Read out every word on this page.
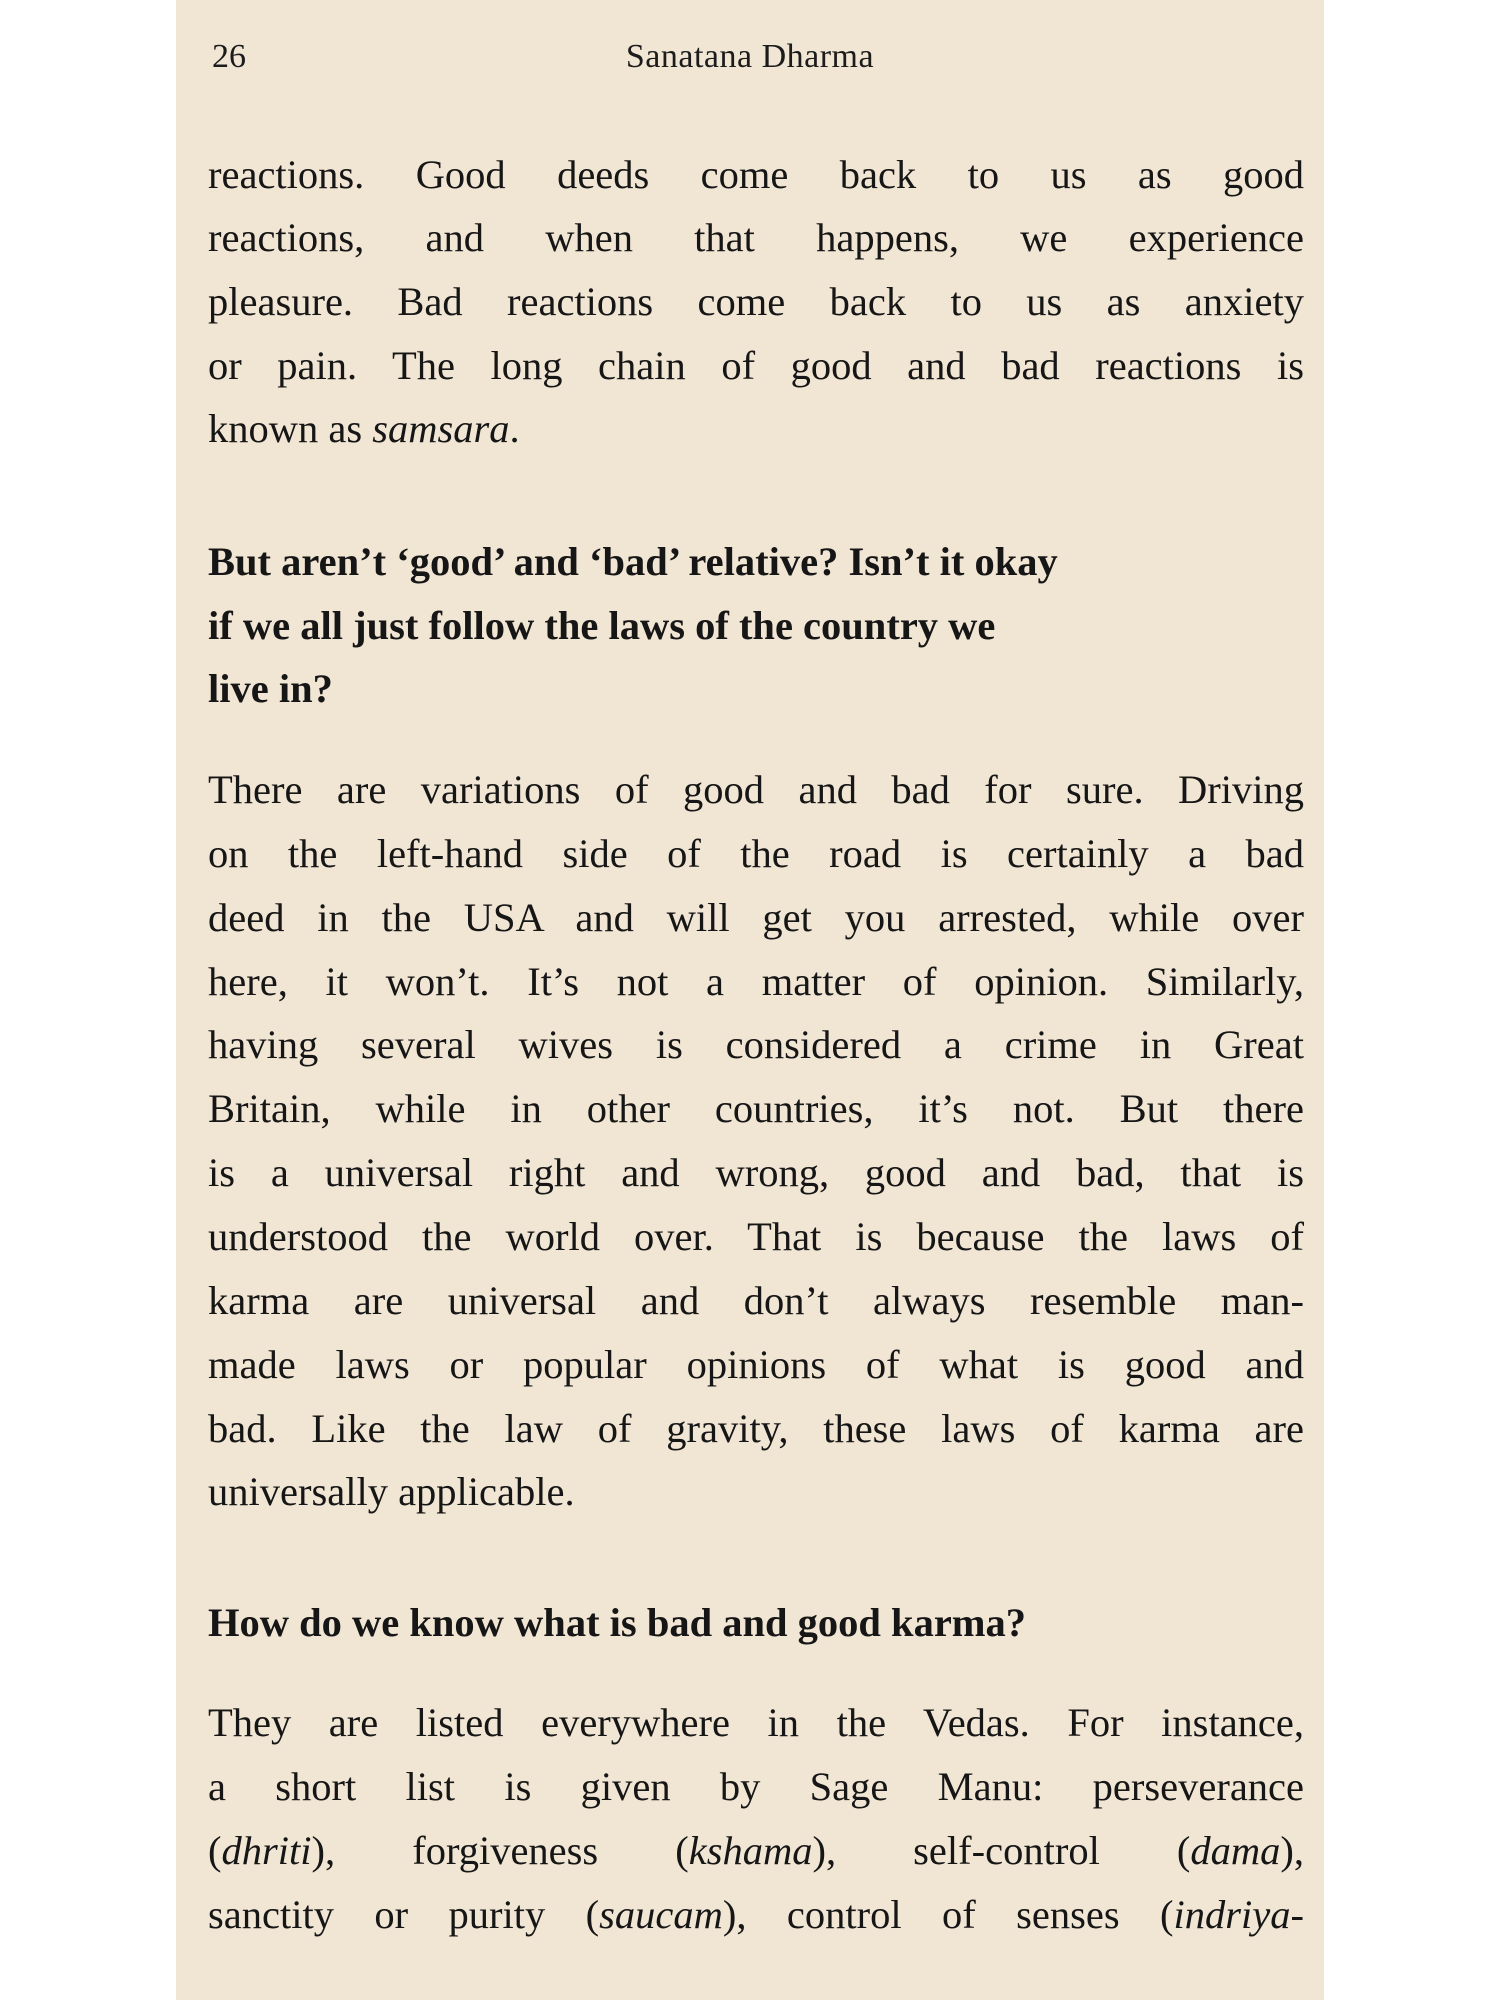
26	Sanatana Dharma
reactions. Good deeds come back to us as good
reactions, and when that happens, we experience
pleasure. Bad reactions come back to us as anxiety
or pain. The long chain of good and bad reactions is
known as samsara.
But aren’t ‘good’ and ‘bad’ relative? Isn’t it okay
if we all just follow the laws of the country we
live in?
There are variations of good and bad for sure. Driving
on the left-hand side of the road is certainly a bad
deed in the USA and will get you arrested, while over
here, it won’t. It’s not a matter of opinion. Similarly,
having several wives is considered a crime in Great
Britain, while in other countries, it’s not. But there
is a universal right and wrong, good and bad, that is
understood the world over. That is because the laws of
karma are universal and don’t always resemble man-
made laws or popular opinions of what is good and
bad. Like the law of gravity, these laws of karma are
universally applicable.
How do we know what is bad and good karma?
They are listed everywhere in the Vedas. For instance,
a short list is given by Sage Manu: perseverance
(dhriti), forgiveness (kshama), self-control (dama),
sanctity or purity (saucam), control of senses (indriya-
